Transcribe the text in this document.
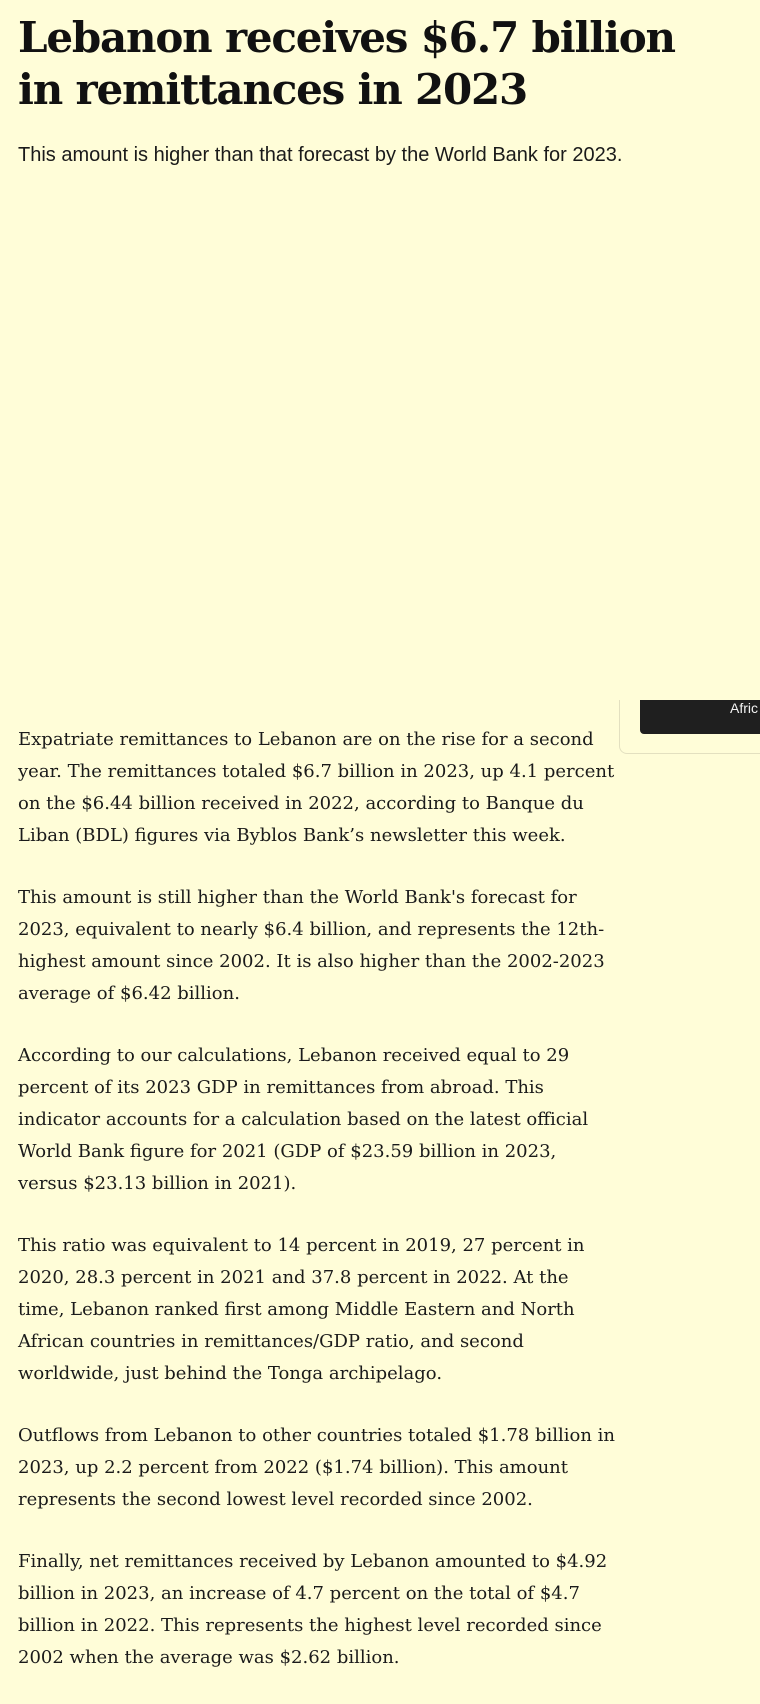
Lebanon receives $6.7 billion in remittances in 2023

This amount is higher than that forecast by the World Bank for 2023.

Afric

Expatriate remittances to Lebanon are on the rise for a second year. The remittances totaled $6.7 billion in 2023, up 4.1 percent on the $6.44 billion received in 2022, according to Banque du Liban (BDL) figures via Byblos Bank’s newsletter this week.

This amount is still higher than the World Bank's forecast for 2023, equivalent to nearly $6.4 billion, and represents the 12th-highest amount since 2002. It is also higher than the 2002-2023 average of $6.42 billion.

According to our calculations, Lebanon received equal to 29 percent of its 2023 GDP in remittances from abroad. This indicator accounts for a calculation based on the latest official World Bank figure for 2021 (GDP of $23.59 billion in 2023, versus $23.13 billion in 2021).

This ratio was equivalent to 14 percent in 2019, 27 percent in 2020, 28.3 percent in 2021 and 37.8 percent in 2022. At the time, Lebanon ranked first among Middle Eastern and North African countries in remittances/GDP ratio, and second worldwide, just behind the Tonga archipelago.

Outflows from Lebanon to other countries totaled $1.78 billion in 2023, up 2.2 percent from 2022 ($1.74 billion). This amount represents the second lowest level recorded since 2002.

Finally, net remittances received by Lebanon amounted to $4.92 billion in 2023, an increase of 4.7 percent on the total of $4.7 billion in 2022. This represents the highest level recorded since 2002 when the average was $2.62 billion.
